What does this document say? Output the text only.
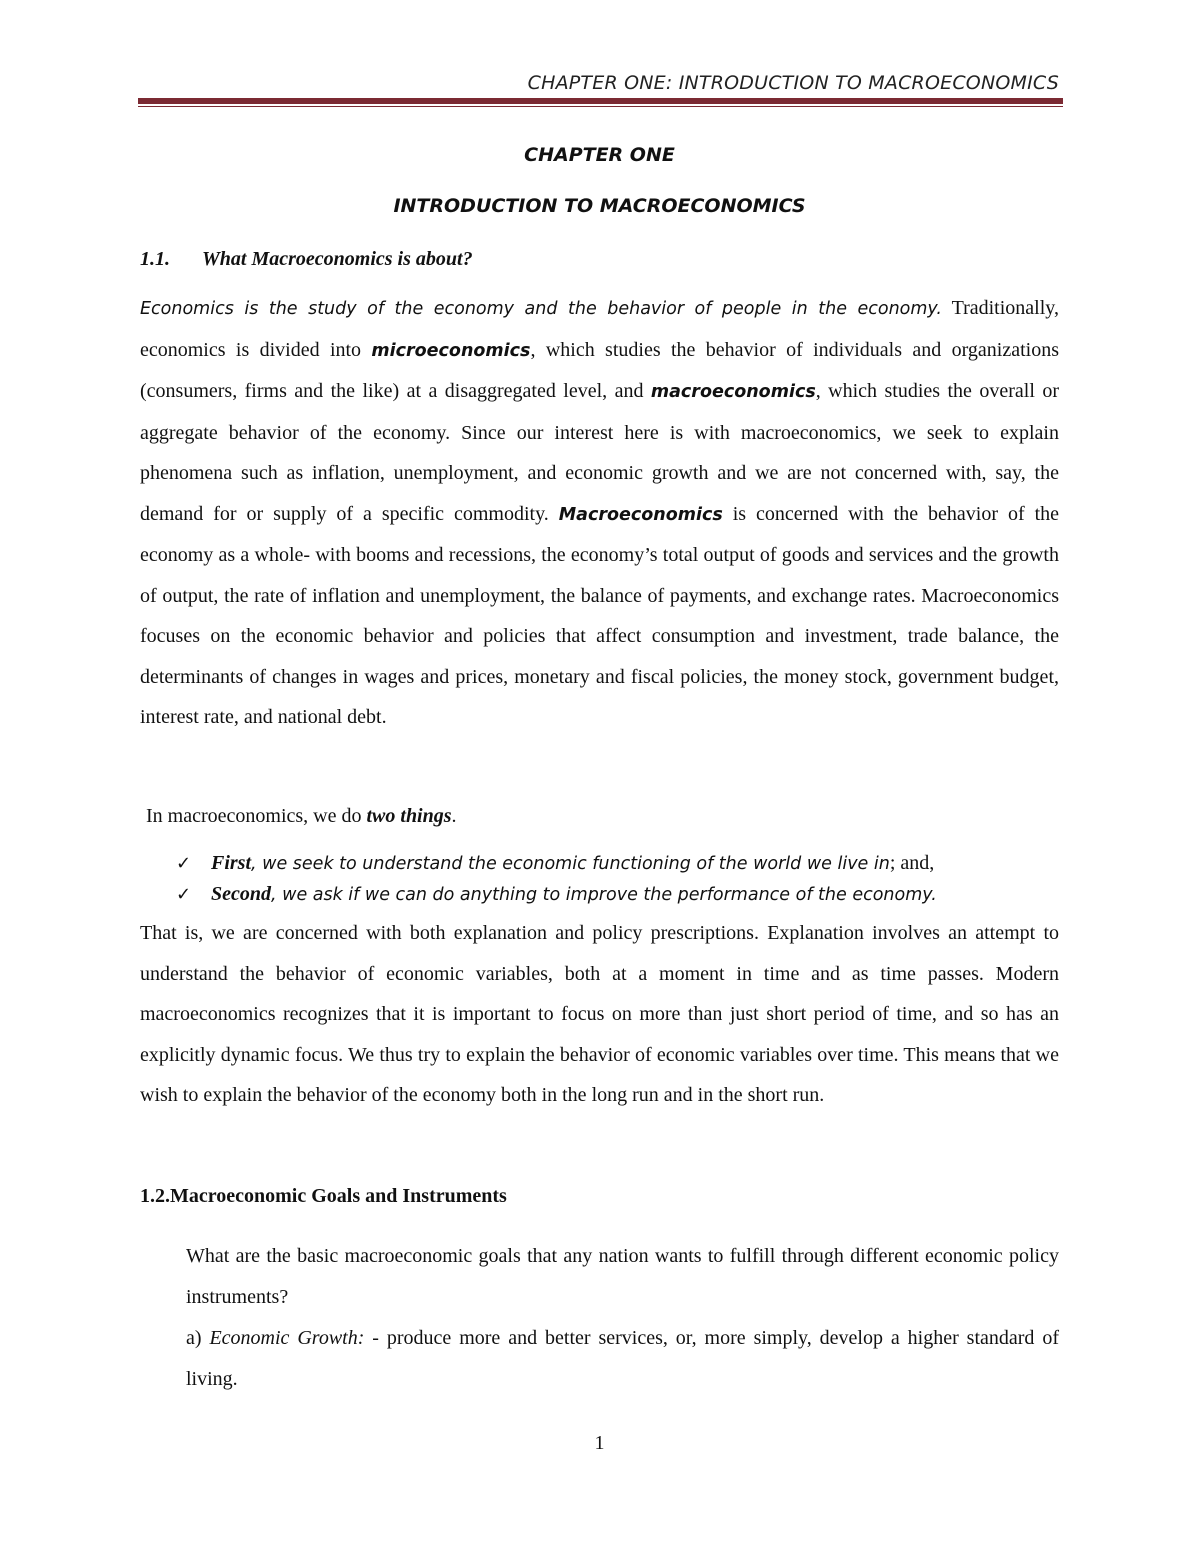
CHAPTER ONE: INTRODUCTION TO MACROECONOMICS
CHAPTER ONE
INTRODUCTION TO MACROECONOMICS
1.1. What Macroeconomics is about?
Economics is the study of the economy and the behavior of people in the economy. Traditionally, economics is divided into microeconomics, which studies the behavior of individuals and organizations (consumers, firms and the like) at a disaggregated level, and macroeconomics, which studies the overall or aggregate behavior of the economy. Since our interest here is with macroeconomics, we seek to explain phenomena such as inflation, unemployment, and economic growth and we are not concerned with, say, the demand for or supply of a specific commodity. Macroeconomics is concerned with the behavior of the economy as a whole- with booms and recessions, the economy’s total output of goods and services and the growth of output, the rate of inflation and unemployment, the balance of payments, and exchange rates. Macroeconomics focuses on the economic behavior and policies that affect consumption and investment, trade balance, the determinants of changes in wages and prices, monetary and fiscal policies, the money stock, government budget, interest rate, and national debt.
In macroeconomics, we do two things.
✓ First, we seek to understand the economic functioning of the world we live in; and,
✓ Second, we ask if we can do anything to improve the performance of the economy.
That is, we are concerned with both explanation and policy prescriptions. Explanation involves an attempt to understand the behavior of economic variables, both at a moment in time and as time passes. Modern macroeconomics recognizes that it is important to focus on more than just short period of time, and so has an explicitly dynamic focus. We thus try to explain the behavior of economic variables over time. This means that we wish to explain the behavior of the economy both in the long run and in the short run.
1.2.Macroeconomic Goals and Instruments
What are the basic macroeconomic goals that any nation wants to fulfill through different economic policy instruments?
a) Economic Growth: - produce more and better services, or, more simply, develop a higher standard of living.
1
